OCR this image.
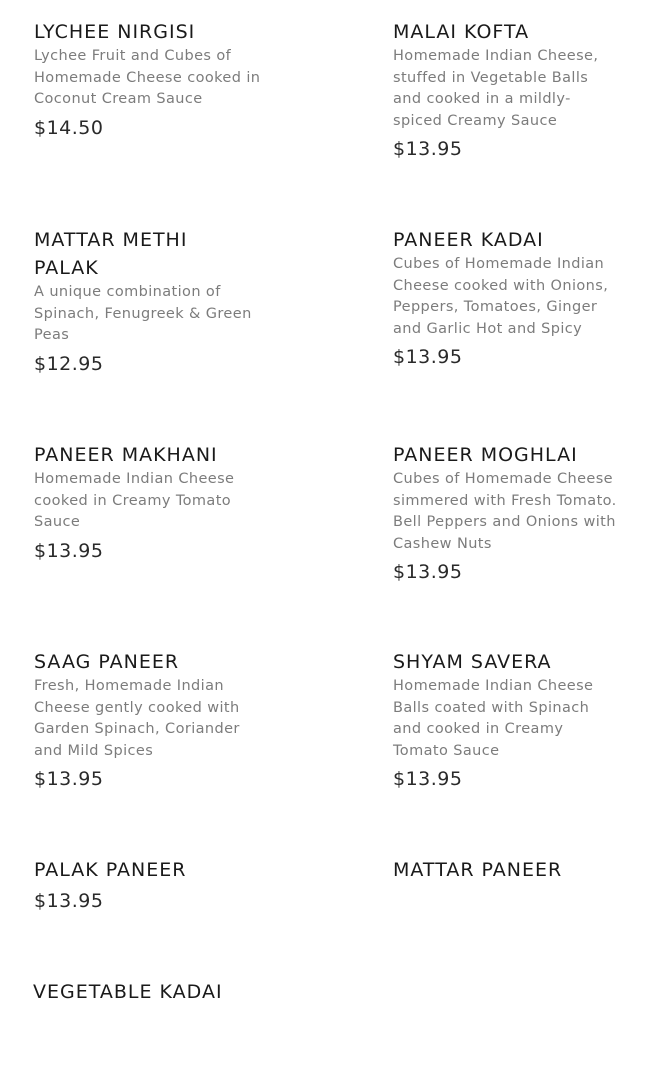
LYCHEE NIRGISI

Lychee Fruit and Cubes of Homemade Cheese cooked in Coconut Cream Sauce

$14.50
MALAI KOFTA

Homemade Indian Cheese, stuffed in Vegetable Balls and cooked in a mildly-spiced Creamy Sauce

$13.95
MATTAR METHI PALAK

A unique combination of Spinach, Fenugreek & Green Peas

$12.95
PANEER KADAI

Cubes of Homemade Indian Cheese cooked with Onions, Peppers, Tomatoes, Ginger and Garlic Hot and Spicy

$13.95
PANEER MAKHANI

Homemade Indian Cheese cooked in Creamy Tomato Sauce

$13.95
PANEER MOGHLAI

Cubes of Homemade Cheese simmered with Fresh Tomato. Bell Peppers and Onions with Cashew Nuts

$13.95
SAAG PANEER

Fresh, Homemade Indian Cheese gently cooked with Garden Spinach, Coriander and Mild Spices

$13.95
SHYAM SAVERA

Homemade Indian Cheese Balls coated with Spinach and cooked in Creamy Tomato Sauce

$13.95
PALAK PANEER
$13.95
MATTAR PANEER
VEGETABLE KADAI
